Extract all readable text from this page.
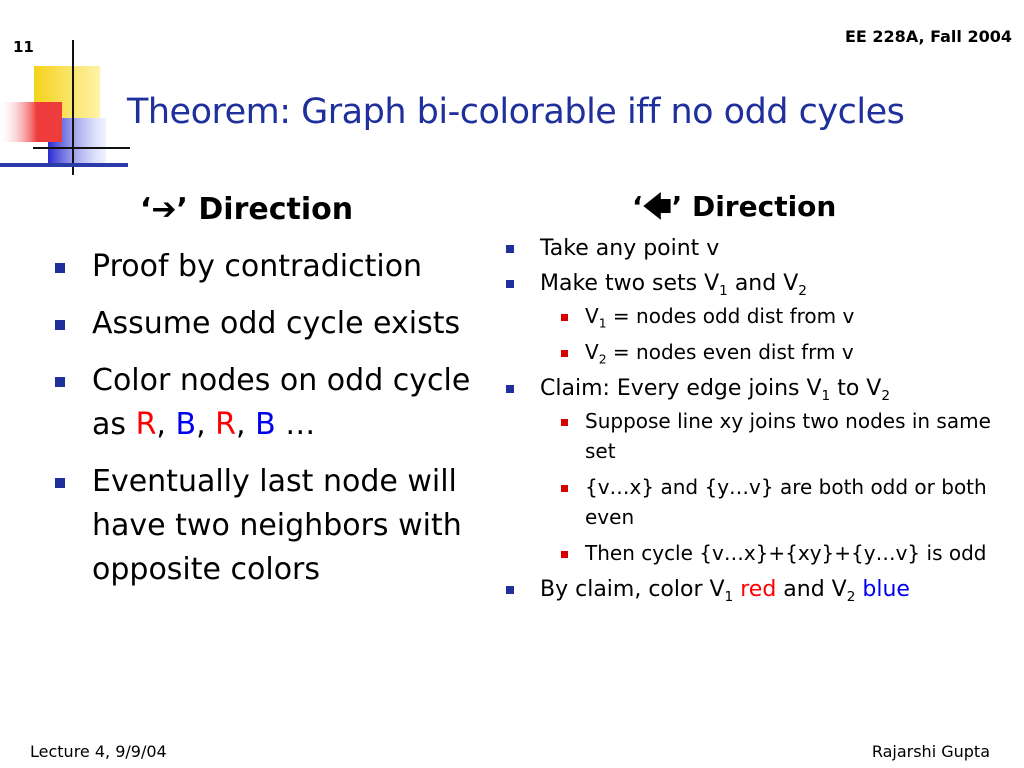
11
EE 228A, Fall 2004
Theorem: Graph bi-colorable iff no odd cycles
‘➔’ Direction
Proof by contradiction
Assume odd cycle exists
Color nodes on odd cycle as R, B, R, B …
Eventually last node will have two neighbors with opposite colors
‘🡄’ Direction
Take any point v
Make two sets $V_1$ and $V_2$
$V_1$ = nodes odd dist from v
$V_2$ = nodes even dist frm v
Claim: Every edge joins $V_1$ to $V_2$
Suppose line xy joins two nodes in same set
{v…x} and {y…v} are both odd or both even
Then cycle {v…x}+{xy}+{y…v} is odd
By claim, color $V_1$ red and $V_2$ blue
Lecture 4, 9/9/04	Rajarshi Gupta
